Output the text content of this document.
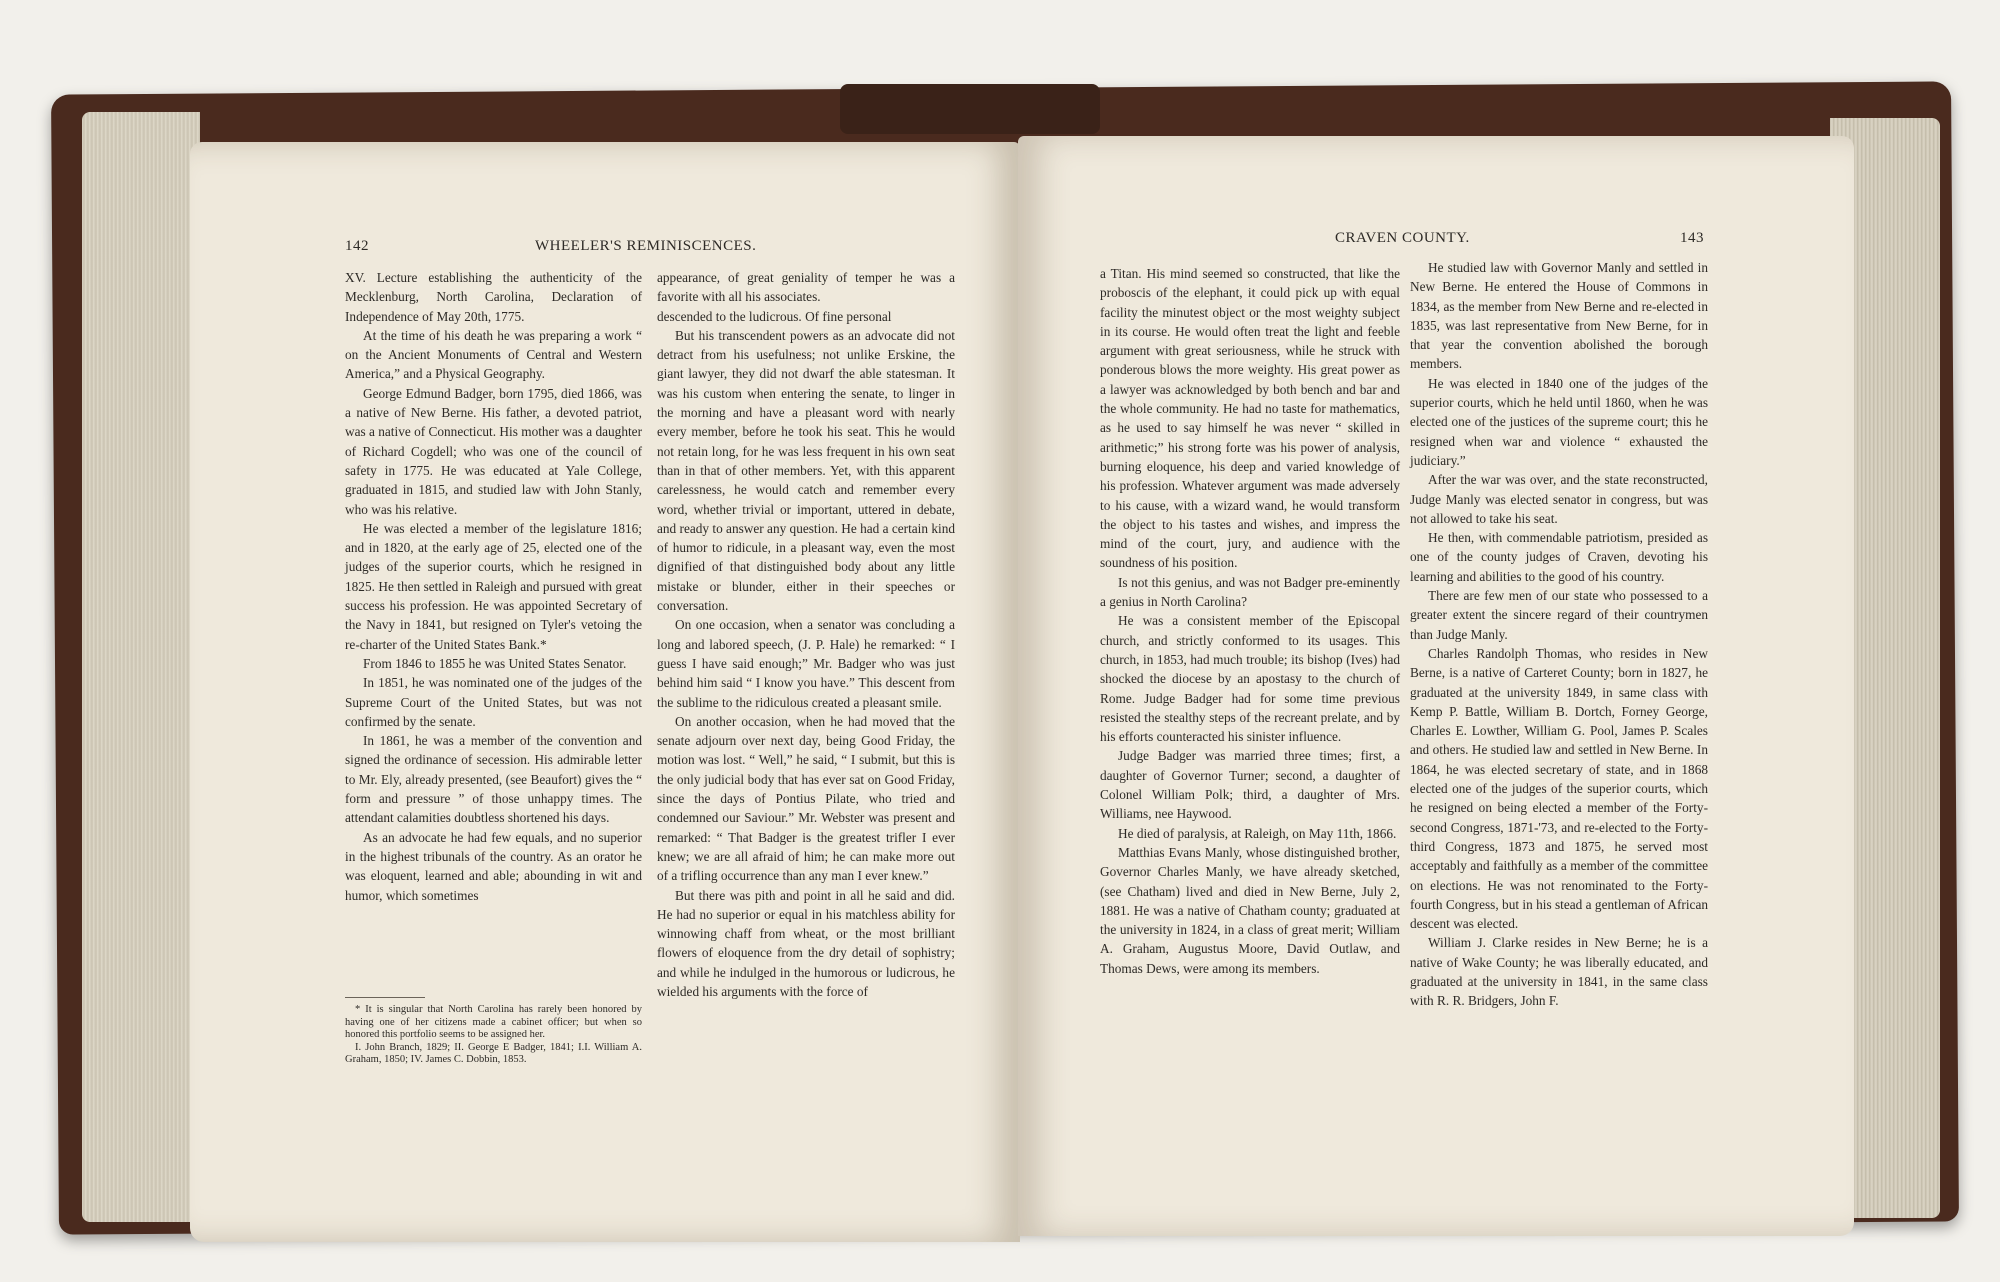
142	WHEELER'S REMINISCENCES.

XV. Lecture establishing the authenticity of the Mecklenburg, North Carolina, Declaration of Independence of May 20th, 1775.

At the time of his death he was preparing a work “ on the Ancient Monuments of Central and Western America,” and a Physical Geography.

George Edmund Badger, born 1795, died 1866, was a native of New Berne. His father, a devoted patriot, was a native of Connecticut. His mother was a daughter of Richard Cogdell; who was one of the council of safety in 1775. He was educated at Yale College, graduated in 1815, and studied law with John Stanly, who was his relative.

He was elected a member of the legislature 1816; and in 1820, at the early age of 25, elected one of the judges of the superior courts, which he resigned in 1825. He then settled in Raleigh and pursued with great success his profession. He was appointed Secretary of the Navy in 1841, but resigned on Tyler's vetoing the re-charter of the United States Bank.*

From 1846 to 1855 he was United States Senator.

In 1851, he was nominated one of the judges of the Supreme Court of the United States, but was not confirmed by the senate.

In 1861, he was a member of the convention and signed the ordinance of secession. His admirable letter to Mr. Ely, already presented, (see Beaufort) gives the “ form and pressure ” of those unhappy times. The attendant calamities doubtless shortened his days.

As an advocate he had few equals, and no superior in the highest tribunals of the country. As an orator he was eloquent, learned and able; abounding in wit and humor, which sometimes

* It is singular that North Carolina has rarely been honored by having one of her citizens made a cabinet officer; but when so honored this portfolio seems to be assigned her.

I. John Branch, 1829; II. George E Badger, 1841; I.I. William A. Graham, 1850; IV. James C. Dobbin, 1853.

appearance, of great geniality of temper he was a favorite with all his associates.

descended to the ludicrous. Of fine personal

But his transcendent powers as an advocate did not detract from his usefulness; not unlike Erskine, the giant lawyer, they did not dwarf the able statesman. It was his custom when entering the senate, to linger in the morning and have a pleasant word with nearly every member, before he took his seat. This he would not retain long, for he was less frequent in his own seat than in that of other members. Yet, with this apparent carelessness, he would catch and remember every word, whether trivial or important, uttered in debate, and ready to answer any question. He had a certain kind of humor to ridicule, in a pleasant way, even the most dignified of that distinguished body about any little mistake or blunder, either in their speeches or conversation.

On one occasion, when a senator was concluding a long and labored speech, (J. P. Hale) he remarked: “ I guess I have said enough;” Mr. Badger who was just behind him said “ I know you have.” This descent from the sublime to the ridiculous created a pleasant smile.

On another occasion, when he had moved that the senate adjourn over next day, being Good Friday, the motion was lost. “ Well,” he said, “ I submit, but this is the only judicial body that has ever sat on Good Friday, since the days of Pontius Pilate, who tried and condemned our Saviour.” Mr. Webster was present and remarked: “ That Badger is the greatest trifler I ever knew; we are all afraid of him; he can make more out of a trifling occurrence than any man I ever knew.”

But there was pith and point in all he said and did. He had no superior or equal in his matchless ability for winnowing chaff from wheat, or the most brilliant flowers of eloquence from the dry detail of sophistry; and while he indulged in the humorous or ludicrous, he wielded his arguments with the force of

CRAVEN COUNTY.	143

a Titan. His mind seemed so constructed, that like the proboscis of the elephant, it could pick up with equal facility the minutest object or the most weighty subject in its course. He would often treat the light and feeble argument with great seriousness, while he struck with ponderous blows the more weighty. His great power as a lawyer was acknowledged by both bench and bar and the whole community. He had no taste for mathematics, as he used to say himself he was never “ skilled in arithmetic;” his strong forte was his power of analysis, burning eloquence, his deep and varied knowledge of his profession. Whatever argument was made adversely to his cause, with a wizard wand, he would transform the object to his tastes and wishes, and impress the mind of the court, jury, and audience with the soundness of his position.

Is not this genius, and was not Badger pre-eminently a genius in North Carolina?

He was a consistent member of the Episcopal church, and strictly conformed to its usages. This church, in 1853, had much trouble; its bishop (Ives) had shocked the diocese by an apostasy to the church of Rome. Judge Badger had for some time previous resisted the stealthy steps of the recreant prelate, and by his efforts counteracted his sinister influence.

Judge Badger was married three times; first, a daughter of Governor Turner; second, a daughter of Colonel William Polk; third, a daughter of Mrs. Williams, nee Haywood.

He died of paralysis, at Raleigh, on May 11th, 1866.

Matthias Evans Manly, whose distinguished brother, Governor Charles Manly, we have already sketched, (see Chatham) lived and died in New Berne, July 2, 1881. He was a native of Chatham county; graduated at the university in 1824, in a class of great merit; William A. Graham, Augustus Moore, David Outlaw, and Thomas Dews, were among its members.

He studied law with Governor Manly and settled in New Berne. He entered the House of Commons in 1834, as the member from New Berne and re-elected in 1835, was last representative from New Berne, for in that year the convention abolished the borough members.

He was elected in 1840 one of the judges of the superior courts, which he held until 1860, when he was elected one of the justices of the supreme court; this he resigned when war and violence “ exhausted the judiciary.”

After the war was over, and the state reconstructed, Judge Manly was elected senator in congress, but was not allowed to take his seat.

He then, with commendable patriotism, presided as one of the county judges of Craven, devoting his learning and abilities to the good of his country.

There are few men of our state who possessed to a greater extent the sincere regard of their countrymen than Judge Manly.

Charles Randolph Thomas, who resides in New Berne, is a native of Carteret County; born in 1827, he graduated at the university 1849, in same class with Kemp P. Battle, William B. Dortch, Forney George, Charles E. Lowther, William G. Pool, James P. Scales and others. He studied law and settled in New Berne. In 1864, he was elected secretary of state, and in 1868 elected one of the judges of the superior courts, which he resigned on being elected a member of the Forty-second Congress, 1871-'73, and re-elected to the Forty-third Congress, 1873 and 1875, he served most acceptably and faithfully as a member of the committee on elections. He was not renominated to the Forty-fourth Congress, but in his stead a gentleman of African descent was elected.

William J. Clarke resides in New Berne; he is a native of Wake County; he was liberally educated, and graduated at the university in 1841, in the same class with R. R. Bridgers, John F.
